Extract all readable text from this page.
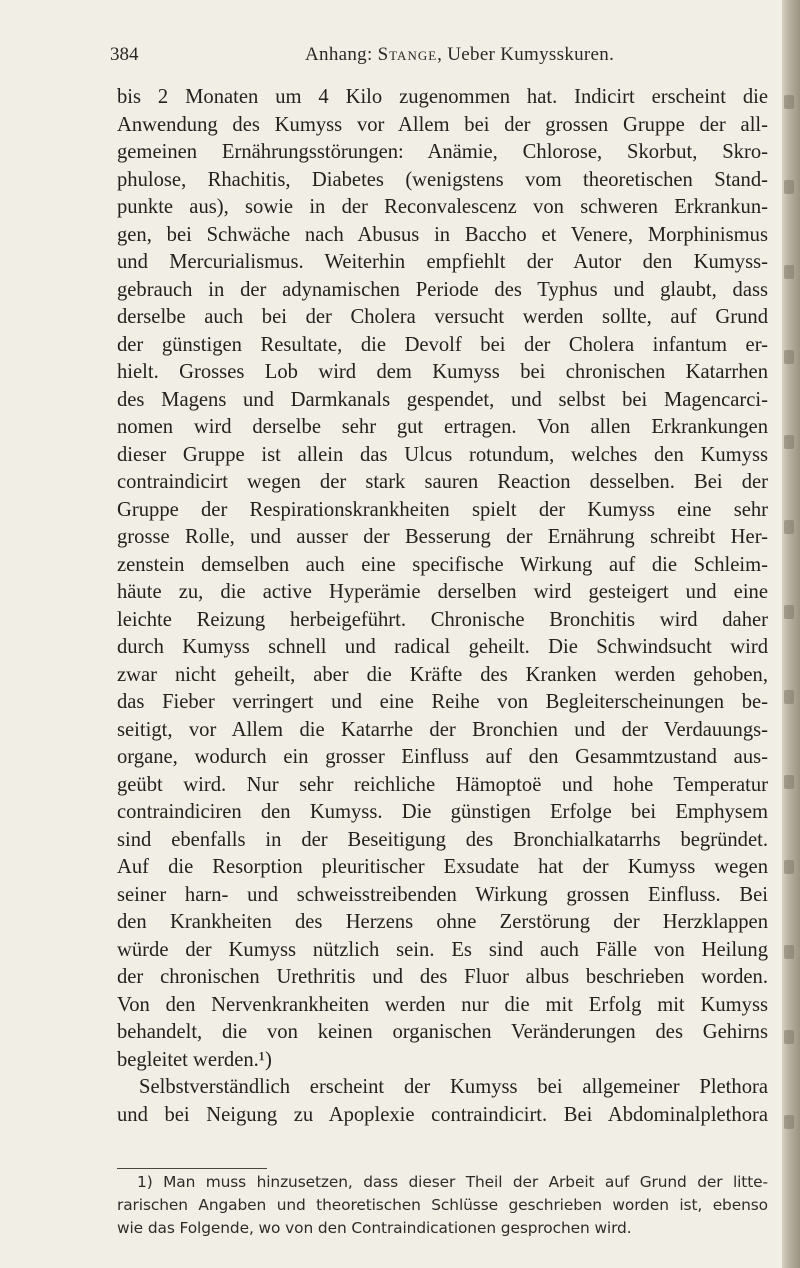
384	Anhang: Stange, Ueber Kumysskuren.
bis 2 Monaten um 4 Kilo zugenommen hat. Indicirt erscheint die
Anwendung des Kumyss vor Allem bei der grossen Gruppe der all-
gemeinen Ernährungsstörungen: Anämie, Chlorose, Skorbut, Skro-
phulose, Rhachitis, Diabetes (wenigstens vom theoretischen Stand-
punkte aus), sowie in der Reconvalescenz von schweren Erkrankun-
gen, bei Schwäche nach Abusus in Baccho et Venere, Morphinismus
und Mercurialismus. Weiterhin empfiehlt der Autor den Kumyss-
gebrauch in der adynamischen Periode des Typhus und glaubt, dass
derselbe auch bei der Cholera versucht werden sollte, auf Grund
der günstigen Resultate, die Devolf bei der Cholera infantum er-
hielt. Grosses Lob wird dem Kumyss bei chronischen Katarrhen
des Magens und Darmkanals gespendet, und selbst bei Magencarci-
nomen wird derselbe sehr gut ertragen. Von allen Erkrankungen
dieser Gruppe ist allein das Ulcus rotundum, welches den Kumyss
contraindicirt wegen der stark sauren Reaction desselben. Bei der
Gruppe der Respirationskrankheiten spielt der Kumyss eine sehr
grosse Rolle, und ausser der Besserung der Ernährung schreibt Her-
zenstein demselben auch eine specifische Wirkung auf die Schleim-
häute zu, die active Hyperämie derselben wird gesteigert und eine
leichte Reizung herbeigeführt. Chronische Bronchitis wird daher
durch Kumyss schnell und radical geheilt. Die Schwindsucht wird
zwar nicht geheilt, aber die Kräfte des Kranken werden gehoben,
das Fieber verringert und eine Reihe von Begleiterscheinungen be-
seitigt, vor Allem die Katarrhe der Bronchien und der Verdauungs-
organe, wodurch ein grosser Einfluss auf den Gesammtzustand aus-
geübt wird. Nur sehr reichliche Hämoptoë und hohe Temperatur
contraindiciren den Kumyss. Die günstigen Erfolge bei Emphysem
sind ebenfalls in der Beseitigung des Bronchialkatarrhs begründet.
Auf die Resorption pleuritischer Exsudate hat der Kumyss wegen
seiner harn- und schweisstreibenden Wirkung grossen Einfluss. Bei
den Krankheiten des Herzens ohne Zerstörung der Herzklappen
würde der Kumyss nützlich sein. Es sind auch Fälle von Heilung
der chronischen Urethritis und des Fluor albus beschrieben worden.
Von den Nervenkrankheiten werden nur die mit Erfolg mit Kumyss
behandelt, die von keinen organischen Veränderungen des Gehirns
begleitet werden.¹)
Selbstverständlich erscheint der Kumyss bei allgemeiner Plethora
und bei Neigung zu Apoplexie contraindicirt. Bei Abdominalplethora
1) Man muss hinzusetzen, dass dieser Theil der Arbeit auf Grund der litte-
rarischen Angaben und theoretischen Schlüsse geschrieben worden ist, ebenso
wie das Folgende, wo von den Contraindicationen gesprochen wird.
